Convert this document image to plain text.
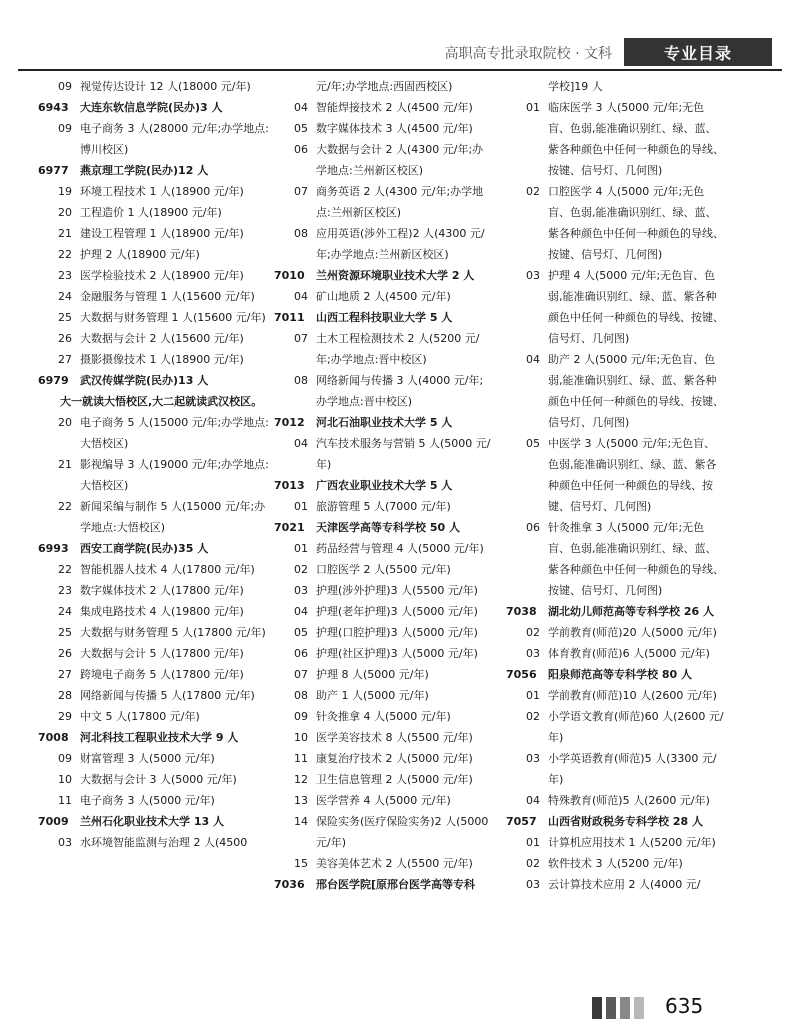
高职高专批录取院校 · 文科	专业目录
09 视觉传达设计 12 人(18000 元/年)
6943	大连东软信息学院(民办)3 人
09 电子商务 3 人(28000 元/年;办学地点:博川校区)
6977	燕京理工学院(民办)12 人
19 环境工程技术 1 人(18900 元/年)
20 工程造价 1 人(18900 元/年)
21 建设工程管理 1 人(18900 元/年)
22 护理 2 人(18900 元/年)
23 医学检验技术 2 人(18900 元/年)
24 金融服务与管理 1 人(15600 元/年)
25 大数据与财务管理 1 人(15600 元/年)
26 大数据与会计 2 人(15600 元/年)
27 摄影摄像技术 1 人(18900 元/年)
6979	武汉传媒学院(民办)13 人
大一就读大悟校区,大二起就读武汉校区。
20 电子商务 5 人(15000 元/年;办学地点:大悟校区)
21 影视编导 3 人(19000 元/年;办学地点:大悟校区)
22 新闻采编与制作 5 人(15000 元/年;办学地点:大悟校区)
6993	西安工商学院(民办)35 人
22 智能机器人技术 4 人(17800 元/年)
23 数字媒体技术 2 人(17800 元/年)
24 集成电路技术 4 人(19800 元/年)
25 大数据与财务管理 5 人(17800 元/年)
26 大数据与会计 5 人(17800 元/年)
27 跨境电子商务 5 人(17800 元/年)
28 网络新闻与传播 5 人(17800 元/年)
29 中文 5 人(17800 元/年)
7008	河北科技工程职业技术大学 9 人
09 财富管理 3 人(5000 元/年)
10 大数据与会计 3 人(5000 元/年)
11 电子商务 3 人(5000 元/年)
7009	兰州石化职业技术大学 13 人
03 水环境智能监测与治理 2 人(4500
元/年;办学地点:西固西校区)
04 智能焊接技术 2 人(4500 元/年)
05 数字媒体技术 3 人(4500 元/年)
06 大数据与会计 2 人(4300 元/年;办学地点:兰州新区校区)
07 商务英语 2 人(4300 元/年;办学地点:兰州新区校区)
08 应用英语(涉外工程)2 人(4300 元/年;办学地点:兰州新区校区)
7010	兰州资源环境职业技术大学 2 人
04 矿山地质 2 人(4500 元/年)
7011	山西工程科技职业大学 5 人
07 土木工程检测技术 2 人(5200 元/年;办学地点:晋中校区)
08 网络新闻与传播 3 人(4000 元/年;办学地点:晋中校区)
7012	河北石油职业技术大学 5 人
04 汽车技术服务与营销 5 人(5000 元/年)
7013	广西农业职业技术大学 5 人
01 旅游管理 5 人(7000 元/年)
7021	天津医学高等专科学校 50 人
01 药品经营与管理 4 人(5000 元/年)
02 口腔医学 2 人(5500 元/年)
03 护理(涉外护理)3 人(5500 元/年)
04 护理(老年护理)3 人(5000 元/年)
05 护理(口腔护理)3 人(5000 元/年)
06 护理(社区护理)3 人(5000 元/年)
07 护理 8 人(5000 元/年)
08 助产 1 人(5000 元/年)
09 针灸推拿 4 人(5000 元/年)
10 医学美容技术 8 人(5500 元/年)
11 康复治疗技术 2 人(5000 元/年)
12 卫生信息管理 2 人(5000 元/年)
13 医学营养 4 人(5000 元/年)
14 保险实务(医疗保险实务)2 人(5000 元/年)
15 美容美体艺术 2 人(5500 元/年)
7036	邢台医学院[原邢台医学高等专科
学校]19 人
01 临床医学 3 人(5000 元/年;无色盲、色弱,能准确识别红、绿、蓝、紫各种颜色中任何一种颜色的导线、按键、信号灯、几何图)
02 口腔医学 4 人(5000 元/年;无色盲、色弱,能准确识别红、绿、蓝、紫各种颜色中任何一种颜色的导线、按键、信号灯、几何图)
03 护理 4 人(5000 元/年;无色盲、色弱,能准确识别红、绿、蓝、紫各种颜色中任何一种颜色的导线、按键、信号灯、几何图)
04 助产 2 人(5000 元/年;无色盲、色弱,能准确识别红、绿、蓝、紫各种颜色中任何一种颜色的导线、按键、信号灯、几何图)
05 中医学 3 人(5000 元/年;无色盲、色弱,能准确识别红、绿、蓝、紫各种颜色中任何一种颜色的导线、按键、信号灯、几何图)
06 针灸推拿 3 人(5000 元/年;无色盲、色弱,能准确识别红、绿、蓝、紫各种颜色中任何一种颜色的导线、按键、信号灯、几何图)
7038	湖北幼儿师范高等专科学校 26 人
02 学前教育(师范)20 人(5000 元/年)
03 体育教育(师范)6 人(5000 元/年)
7056	阳泉师范高等专科学校 80 人
01 学前教育(师范)10 人(2600 元/年)
02 小学语文教育(师范)60 人(2600 元/年)
03 小学英语教育(师范)5 人(3300 元/年)
04 特殊教育(师范)5 人(2600 元/年)
7057	山西省财政税务专科学校 28 人
01 计算机应用技术 1 人(5200 元/年)
02 软件技术 3 人(5200 元/年)
03 云计算技术应用 2 人(4000 元/
635
